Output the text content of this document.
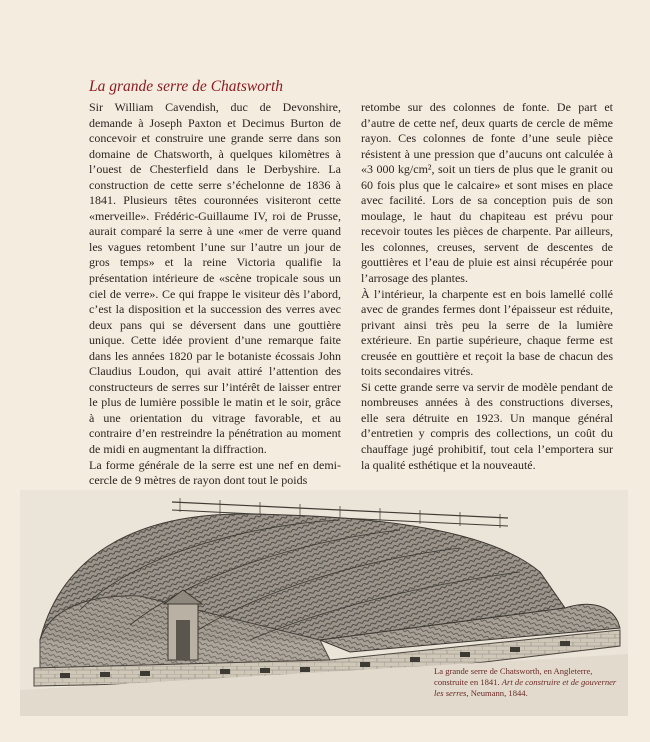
La grande serre de Chatsworth

Sir William Cavendish, duc de Devonshire, demande à Joseph Paxton et Decimus Burton de concevoir et construire une grande serre dans son domaine de Chatsworth, à quelques kilomètres à l’ouest de Chesterfield dans le Derbyshire. La construction de cette serre s’échelonne de 1836 à 1841. Plusieurs têtes couronnées visiteront cette «merveille». Frédéric-Guillaume IV, roi de Prusse, aurait comparé la serre à une «mer de verre quand les vagues retombent l’une sur l’autre un jour de gros temps» et la reine Victoria qualifie la présentation intérieure de «scène tropicale sous un ciel de verre». Ce qui frappe le visiteur dès l’abord, c’est la disposition et la succession des verres avec deux pans qui se déversent dans une gouttière unique. Cette idée provient d’une remarque faite dans les années 1820 par le botaniste écossais John Claudius Loudon, qui avait attiré l’attention des constructeurs de serres sur l’intérêt de laisser entrer le plus de lumière possible le matin et le soir, grâce à une orientation du vitrage favorable, et au contraire d’en restreindre la pénétration au moment de midi en augmentant la diffraction.

La forme générale de la serre est une nef en demi-cercle de 9 mètres de rayon dont tout le poids

retombe sur des colonnes de fonte. De part et d’autre de cette nef, deux quarts de cercle de même rayon. Ces colonnes de fonte d’une seule pièce résistent à une pression que d’aucuns ont calculée à «3 000 kg/cm², soit un tiers de plus que le granit ou 60 fois plus que le calcaire» et sont mises en place avec facilité. Lors de sa conception puis de son moulage, le haut du chapiteau est prévu pour recevoir toutes les pièces de charpente. Par ailleurs, les colonnes, creuses, servent de descentes de gouttières et l’eau de pluie est ainsi récupérée pour l’arrosage des plantes.

À l’intérieur, la charpente est en bois lamellé collé avec de grandes fermes dont l’épaisseur est réduite, privant ainsi très peu la serre de la lumière extérieure. En partie supérieure, chaque ferme est creusée en gouttière et reçoit la base de chacun des toits secondaires vitrés.

Si cette grande serre va servir de modèle pendant de nombreuses années à des constructions diverses, elle sera détruite en 1923. Un manque général d’entretien y compris des collections, un coût du chauffage jugé prohibitif, tout cela l’emportera sur la qualité esthétique et la nouveauté.

La grande serre de Chatsworth, en Angleterre, construite en 1841. Art de construire et de gouverner les serres, Neumann, 1844.
